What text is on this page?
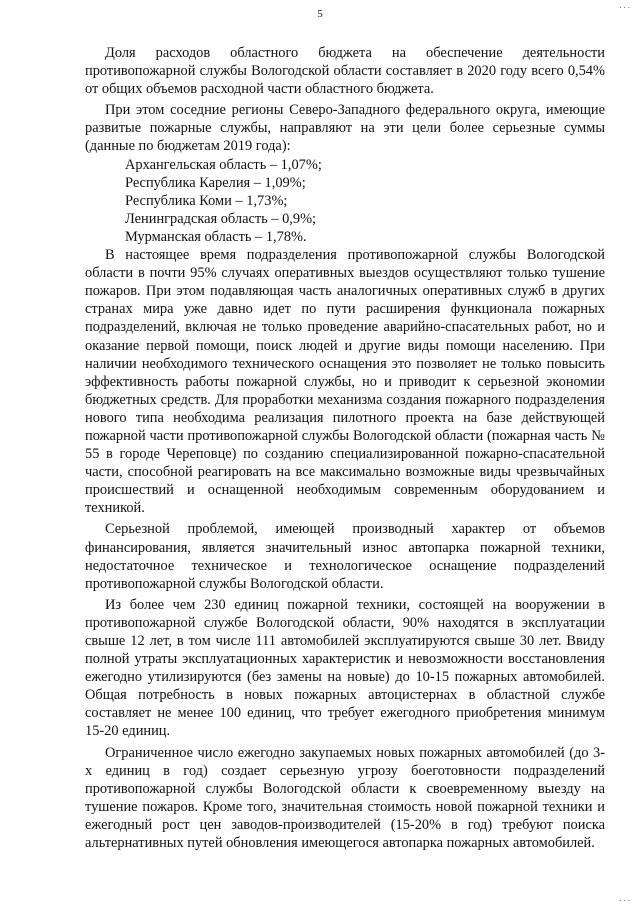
...
5

Доля расходов областного бюджета на обеспечение деятельности противопожарной службы Вологодской области составляет в 2020 году всего 0,54% от общих объемов расходной части областного бюджета.

При этом соседние регионы Северо-Западного федерального округа, имеющие развитые пожарные службы, направляют на эти цели более серьезные суммы (данные по бюджетам 2019 года):

Архангельская область – 1,07%;

Республика Карелия – 1,09%;

Республика Коми – 1,73%;

Ленинградская область – 0,9%;

Мурманская область – 1,78%.

В настоящее время подразделения противопожарной службы Вологодской области в почти 95% случаях оперативных выездов осуществляют только тушение пожаров. При этом подавляющая часть аналогичных оперативных служб в других странах мира уже давно идет по пути расширения функционала пожарных подразделений, включая не только проведение аварийно-спасательных работ, но и оказание первой помощи, поиск людей и другие виды помощи населению. При наличии необходимого технического оснащения это позволяет не только повысить эффективность работы пожарной службы, но и приводит к серьезной экономии бюджетных средств. Для проработки механизма создания пожарного подразделения нового типа необходима реализация пилотного проекта на базе действующей пожарной части противопожарной службы Вологодской области (пожарная часть № 55 в городе Череповце) по созданию специализированной пожарно-спасательной части, способной реагировать на все максимально возможные виды чрезвычайных происшествий и оснащенной необходимым современным оборудованием и техникой.

Серьезной проблемой, имеющей производный характер от объемов финансирования, является значительный износ автопарка пожарной техники, недостаточное техническое и технологическое оснащение подразделений противопожарной службы Вологодской области.

Из более чем 230 единиц пожарной техники, состоящей на вооружении в противопожарной службе Вологодской области, 90% находятся в эксплуатации свыше 12 лет, в том числе 111 автомобилей эксплуатируются свыше 30 лет. Ввиду полной утраты эксплуатационных характеристик и невозможности восстановления ежегодно утилизируются (без замены на новые) до 10-15 пожарных автомобилей. Общая потребность в новых пожарных автоцистернах в областной службе составляет не менее 100 единиц, что требует ежегодного приобретения минимум 15-20 единиц.

Ограниченное число ежегодно закупаемых новых пожарных автомобилей (до 3-х единиц в год) создает серьезную угрозу боеготовности подразделений противопожарной службы Вологодской области к своевременному выезду на тушение пожаров. Кроме того, значительная стоимость новой пожарной техники и ежегодный рост цен заводов-производителей (15-20% в год) требуют поиска альтернативных путей обновления имеющегося автопарка пожарных автомобилей.

...
